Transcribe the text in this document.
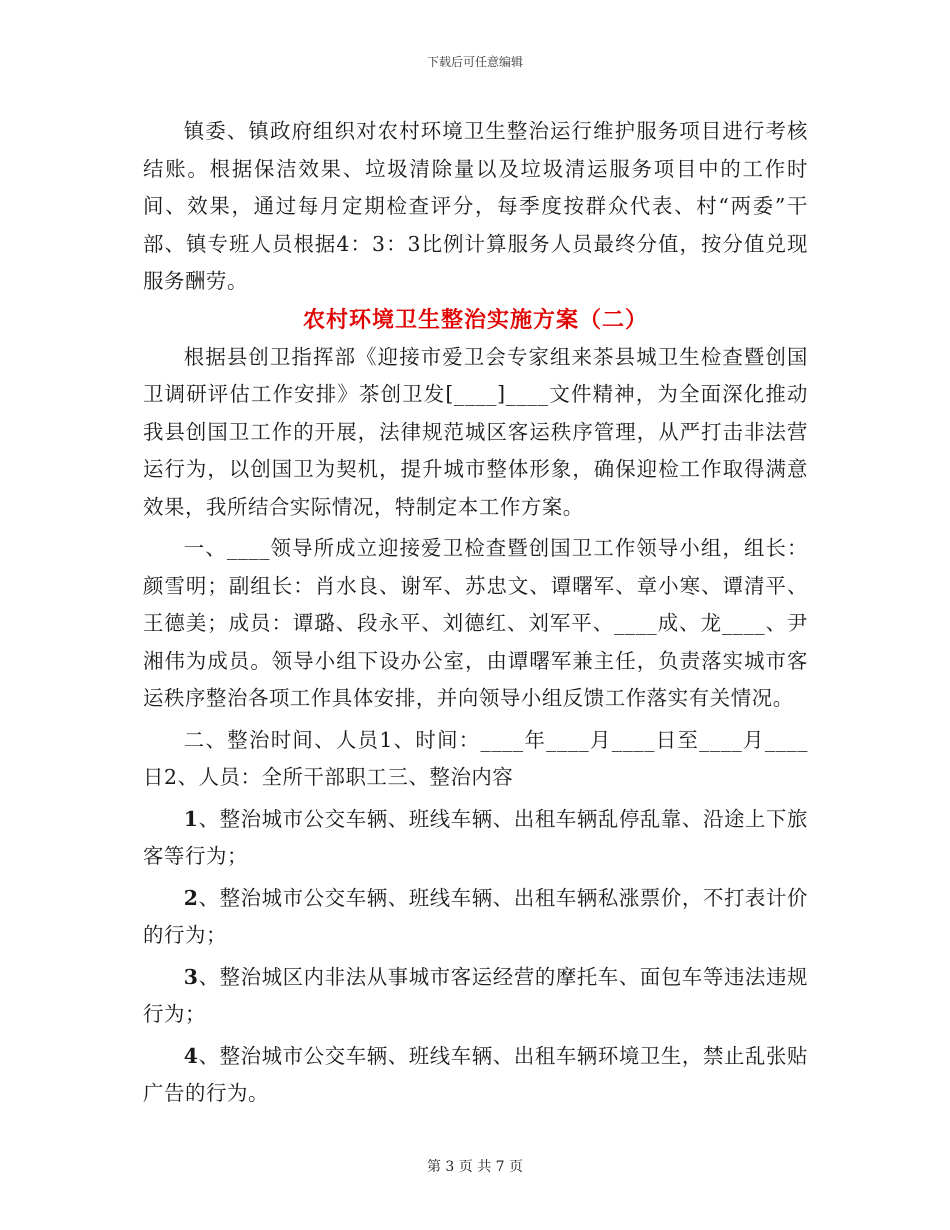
下载后可任意编辑

镇委、镇政府组织对农村环境卫生整治运行维护服务项目进行考核结账。根据保洁效果、垃圾清除量以及垃圾清运服务项目中的工作时间、效果，通过每月定期检查评分，每季度按群众代表、村“两委”干部、镇专班人员根据4：3：3比例计算服务人员最终分值，按分值兑现服务酬劳。

农村环境卫生整治实施方案（二）

根据县创卫指挥部《迎接市爱卫会专家组来茶县城卫生检查暨创国卫调研评估工作安排》茶创卫发[____]____文件精神，为全面深化推动我县创国卫工作的开展，法律规范城区客运秩序管理，从严打击非法营运行为，以创国卫为契机，提升城市整体形象，确保迎检工作取得满意效果，我所结合实际情况，特制定本工作方案。

一、____领导所成立迎接爱卫检查暨创国卫工作领导小组，组长：颜雪明；副组长：肖水良、谢军、苏忠文、谭曙军、章小寒、谭清平、王德美；成员：谭璐、段永平、刘德红、刘军平、____成、龙____、尹湘伟为成员。领导小组下设办公室，由谭曙军兼主任，负责落实城市客运秩序整治各项工作具体安排，并向领导小组反馈工作落实有关情况。

二、整治时间、人员1、时间：____年____月____日至____月____日2、人员：全所干部职工三、整治内容

1、整治城市公交车辆、班线车辆、出租车辆乱停乱靠、沿途上下旅客等行为；

2、整治城市公交车辆、班线车辆、出租车辆私涨票价，不打表计价的行为；

3、整治城区内非法从事城市客运经营的摩托车、面包车等违法违规行为；

4、整治城市公交车辆、班线车辆、出租车辆环境卫生，禁止乱张贴广告的行为。

第 3 页 共 7 页
